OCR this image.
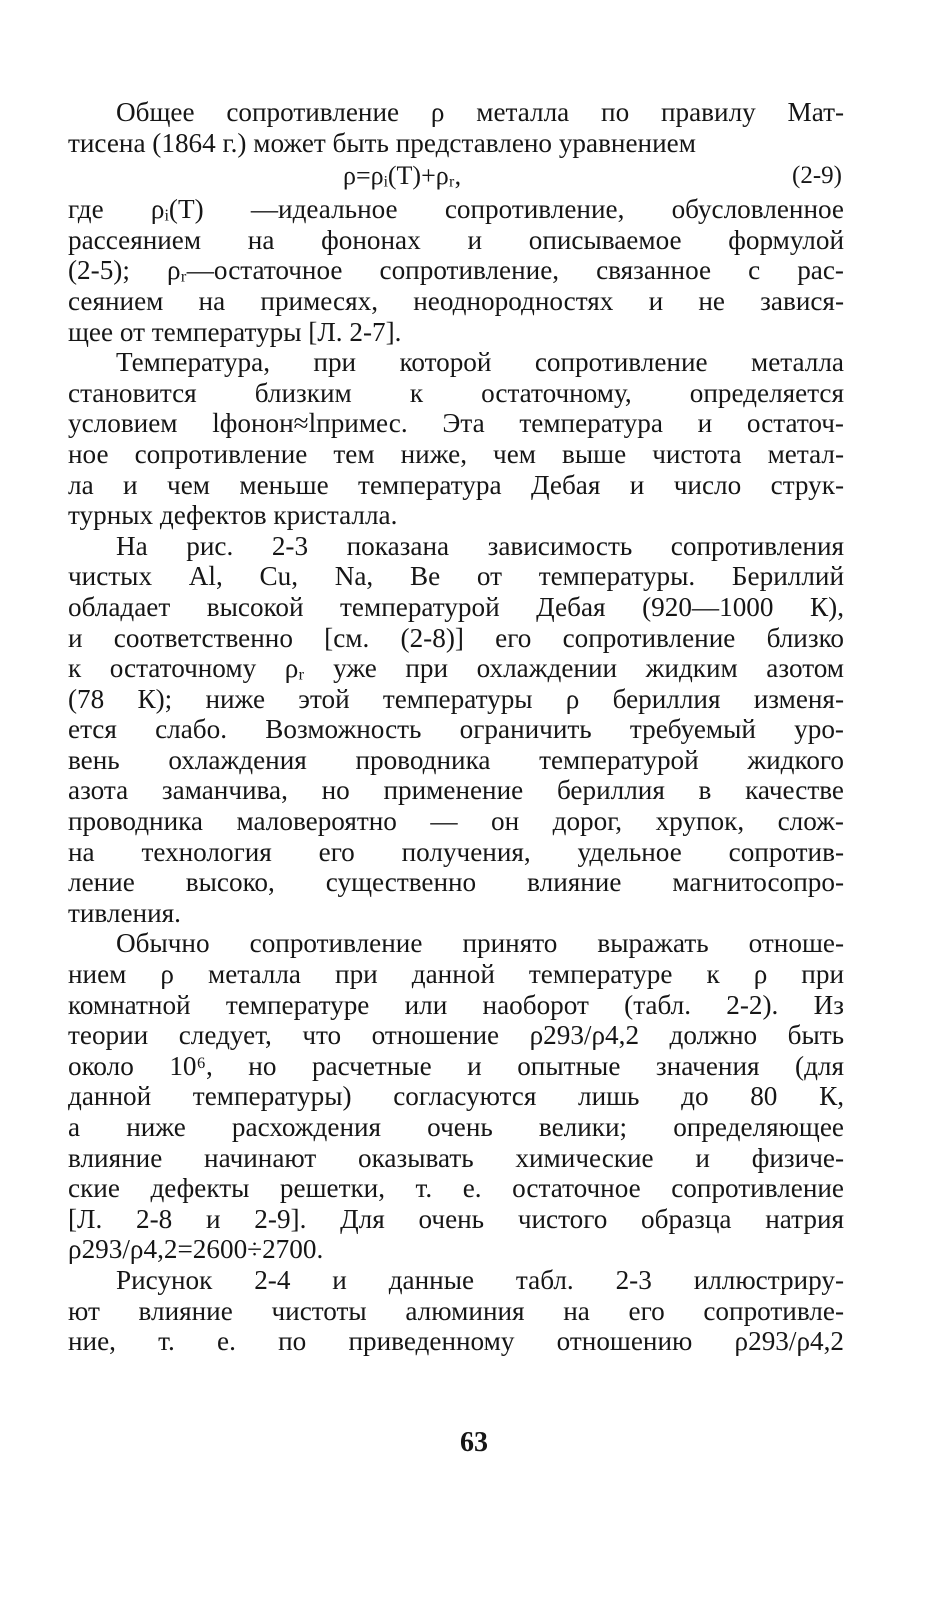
Общее сопротивление ρ металла по правилу Мат-
тисена (1864 г.) может быть представлено уравнением

ρ=ρᵢ(T)+ρᵣ,	(2-9)

где ρᵢ(T) —идеальное сопротивление, обусловленное
рассеянием на фононах и описываемое формулой
(2-5); ρᵣ—остаточное сопротивление, связанное с рас-
сеянием на примесях, неоднородностях и не завися-
щее от температуры [Л. 2-7].

Температура, при которой сопротивление металла
становится близким к остаточному, определяется
условием lфонон≈lпримес. Эта температура и остаточ-
ное сопротивление тем ниже, чем выше чистота метал-
ла и чем меньше температура Дебая и число струк-
турных дефектов кристалла.

На рис. 2-3 показана зависимость сопротивления
чистых Al, Cu, Na, Be от температуры. Бериллий
обладает высокой температурой Дебая (920—1000 К),
и соответственно [см. (2-8)] его сопротивление близко
к остаточному ρᵣ уже при охлаждении жидким азотом
(78 К); ниже этой температуры ρ бериллия изменя-
ется слабо. Возможность ограничить требуемый уро-
вень охлаждения проводника температурой жидкого
азота заманчива, но применение бериллия в качестве
проводника маловероятно — он дорог, хрупок, слож-
на технология его получения, удельное сопротив-
ление высоко, существенно влияние магнитосопро-
тивления.

Обычно сопротивление принято выражать отноше-
нием ρ металла при данной температуре к ρ при
комнатной температуре или наоборот (табл. 2-2). Из
теории следует, что отношение ρ293/ρ4,2 должно быть
около 10⁶, но расчетные и опытные значения (для
данной температуры) согласуются лишь до 80 К,
а ниже расхождения очень велики; определяющее
влияние начинают оказывать химические и физиче-
ские дефекты решетки, т. е. остаточное сопротивление
[Л. 2-8 и 2-9]. Для очень чистого образца натрия
ρ293/ρ4,2=2600÷2700.

Рисунок 2-4 и данные табл. 2-3 иллюстриру-
ют влияние чистоты алюминия на его сопротивле-
ние, т. е. по приведенному отношению ρ293/ρ4,2

63
